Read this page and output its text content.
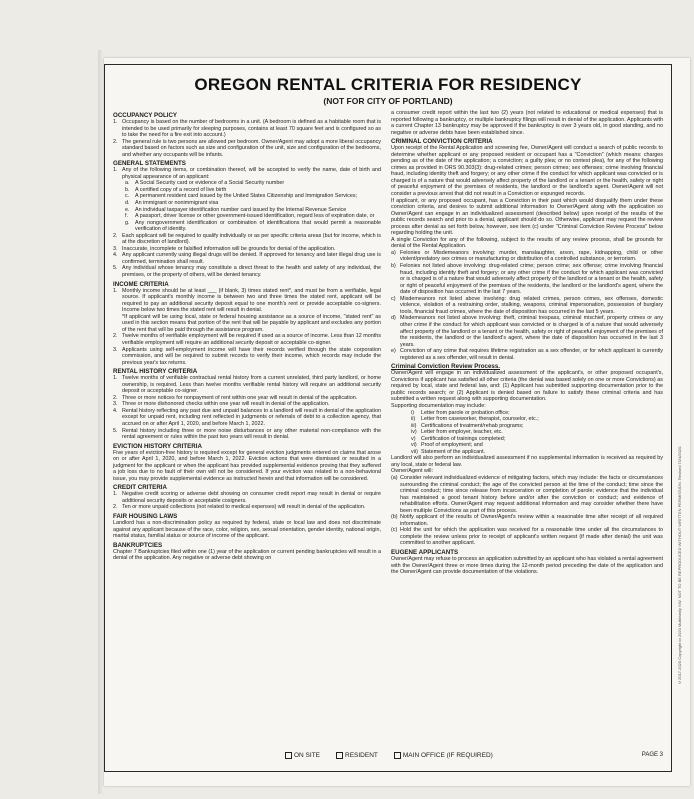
OREGON RENTAL CRITERIA FOR RESIDENCY
(NOT FOR CITY OF PORTLAND)
OCCUPANCY POLICY
1. Occupancy is based on the number of bedrooms in a unit. (A bedroom is defined as a habitable room that is intended to be used primarily for sleeping purposes, contains at least 70 square feet and is configured so as to take the need for a fire exit into account.)
2. The general rule is two persons are allowed per bedroom. Owner/Agent may adopt a more liberal occupancy standard based on factors such as size and configuration of the unit, size and configuration of the bedrooms, and whether any occupants will be infants.
GENERAL STATEMENTS
1. Any of the following items, or combination thereof, will be accepted to verify the name, date of birth and physical appearance of an applicant:
a.	A Social Security card or evidence of a Social Security number
b.	A certified copy of a record of live birth
c.	A permanent resident card issued by the United States Citizenship and Immigration Services;
d.	An immigrant or nonimmigrant visa
e.	An individual taxpayer identification number card issued by the Internal Revenue Service
f.	A passport, driver license or other government-issued identification, regard less of expiration date, or
g.	Any nongovernment identification or combination of identifications that would permit a reasonable verification of identity.
2. Each applicant will be required to qualify individually or as per specific criteria areas (but for income, which is at the discretion of landlord).
3. Inaccurate, incomplete or falsified information will be grounds for denial of the application.
4. Any applicant currently using illegal drugs will be denied. If approved for tenancy and later illegal drug use is confirmed, termination shall result.
5. Any individual whose tenancy may constitute a direct threat to the health and safety of any individual, the premises, or the property of others, will be denied tenancy.
INCOME CRITERIA
1. Monthly income should be at least ___ (if blank, 3) times stated rent*, and must be from a verifiable, legal source. If applicant's monthly income is between two and three times the stated rent, applicant will be required to pay an additional security deposit equal to one month's rent or provide acceptable co-signers. Income below two times the stated rent will result in denial.
*If applicant will be using local, state or federal housing assistance as a source of income, "stated rent" as used in this section means that portion of the rent that will be payable by applicant and excludes any portion of the rent that will be paid through the assistance program.
2. Twelve months of verifiable employment will be required if used as a source of income. Less than 12 months verifiable employment will require an additional security deposit or acceptable co-signer.
3. Applicants using self-employment income will have their records verified through the state corporation commission, and will be required to submit records to verify their income, which records may include the previous year's tax returns.
RENTAL HISTORY CRITERIA
1. Twelve months of verifiable contractual rental history from a current unrelated, third party landlord, or home ownership, is required. Less than twelve months verifiable rental history will require an additional security deposit or acceptable co-signer.
2. Three or more notices for nonpayment of rent within one year will result in denial of the application.
3. Three or more dishonored checks within one year will result in denial of the application.
4. Rental history reflecting any past due and unpaid balances to a landlord will result in denial of the application except for unpaid rent, including rent reflected in judgments or referrals of debt to a collection agency, that accrued on or after April 1, 2020, and before March 1, 2022.
5. Rental history including three or more noise disturbances or any other material non-compliance with the rental agreement or rules within the past two years will result in denial.
EVICTION HISTORY CRITERIA

Five years of eviction-free history is required except for general eviction judgments entered on claims that arose on or after April 1, 2020, and before March 1, 2022. Eviction actions that were dismissed or resulted in a judgment for the applicant or when the applicant has provided supplemental evidence proving that they suffered a job loss due to no fault of their own will not be considered. If your eviction was related to a non-behavioral issue, you may provide supplemental evidence as instructed herein and that information will be considered.

CREDIT CRITERIA
1. Negative credit scoring or adverse debt showing on consumer credit report may result in denial or require additional security deposits or acceptable cosigners.
2. Ten or more unpaid collections (not related to medical expenses) will result in denial of the application.
FAIR HOUSING LAWS

Landlord has a non-discrimination policy as required by federal, state or local law and does not discriminate against any applicant because of the race, color, religion, sex, sexual orientation, gender identity, national origin, marital status, familial status or source of income of the applicant.

BANKRUPTCIES

Chapter 7 Bankruptcies filed within one (1) year of the application or current pending bankruptcies will result in a denial of the application. Any negative or adverse debt showing on

a consumer credit report within the last two (2) years (not related to educational or medical expenses) that is reported following a bankruptcy, or multiple bankruptcy filings will result in denial of the application. Applicants with a current Chapter 13 bankruptcy may be approved if the bankruptcy is over 3 years old, in good standing, and no negative or adverse debts have been established since.

CRIMINAL CONVICTION CRITERIA

Upon receipt of the Rental Application and screening fee, Owner/Agent will conduct a search of public records to determine whether applicant or any proposed resident or occupant has a "Conviction" (which means: charges pending as of the date of the application; a conviction; a guilty plea; or no contest plea), for any of the following crimes as provided in ORS 90.303(3): drug-related crimes; person crimes; sex offenses; crime involving financial fraud, including identity theft and forgery; or any other crime if the conduct for which applicant was convicted or is charged is of a nature that would adversely affect property of the landlord or a tenant or the health, safety or right of peaceful enjoyment of the premises of residents, the landlord or the landlord's agent. Owner/Agent will not consider a previous arrest that did not result in a Conviction or expunged records.

If applicant, or any proposed occupant, has a Conviction in their past which would disqualify them under these conviction criteria, and desires to submit additional information to Owner/Agent along with the application so Owner/Agent can engage in an individualized assessment (described below) upon receipt of the results of the public records search and prior to a denial, applicant should do so. Otherwise, applicant may request the review process after denial as set forth below, however, see item (c) under "Criminal Conviction Review Process" below regarding holding the unit.

A single Conviction for any of the following, subject to the results of any review process, shall be grounds for denial of the Rental Application.

a) Felonies or Misdemeanors involving: murder, manslaughter, arson, rape, kidnapping, child or other violent/predatory sex crimes or manufacturing or distribution of a controlled substance, or terrorism.
b) Felonies not listed above involving: drug-related crime; person crime; sex offense; crime involving financial fraud, including identity theft and forgery; or any other crime if the conduct for which applicant was convicted or is charged is of a nature that would adversely affect property of the landlord or a tenant or the health, safety or right of peaceful enjoyment of the premises of the residents, the landlord or the landlord's agent, where the date of disposition has occurred in the last 7 years.
c) Misdemeanors not listed above involving: drug related crimes, person crimes, sex offenses, domestic violence, violation of a restraining order, stalking, weapons, criminal impersonation, possession of burglary tools, financial fraud crimes, where the date of disposition has occurred in the last 5 years.
d) Misdemeanors not listed above involving: theft, criminal trespass, criminal mischief, property crimes or any other crime if the conduct for which applicant was convicted or is charged is of a nature that would adversely affect property of the landlord or a tenant or the health, safety or right of peaceful enjoyment of the premises of the residents, the landlord or the landlord's agent, where the date of disposition has occurred in the last 3 years.
e) Conviction of any crime that requires lifetime registration as a sex offender, or for which applicant is currently registered as a sex offender, will result in denial.
Criminal Conviction Review Process.

Owner/Agent will engage in an individualized assessment of the applicant's, or other proposed occupant's, Convictions if applicant has satisfied all other criteria (the denial was based solely on one or more Convictions) as required by local, state and federal law, and: (1) Applicant has submitted supporting documentation prior to the public records search; or (2) Applicant is denied based on failure to satisfy these criminal criteria and has submitted a written request along with supporting documentation.

Supporting documentation may include:

i)	Letter from parole or probation office;
ii)	Letter from caseworker, therapist, counselor, etc.;
iii) Certifications of treatment/rehab programs;
iv) Letter from employer, teacher, etc.
v)	Certification of trainings completed;
vi) Proof of employment; and
vii) Statement of the applicant.

Landlord will also perform an individualized assessment if no supplemental information is received as required by any local, state or federal law.

Owner/Agent will:

(a) Consider relevant individualized evidence of mitigating factors, which may include: the facts or circumstances surrounding the criminal conduct; the age of the convicted person at the time of the conduct; time since the criminal conduct; time since release from incarceration or completion of parole; evidence that the individual has maintained a good tenant history before and/or after the conviction or conduct; and evidence of rehabilitation efforts. Owner/Agent may request additional information and may consider whether there have been multiple Convictions as part of this process.
(b) Notify applicant of the results of Owner/Agent's review within a reasonable time after receipt of all required information.
(c) Hold the unit for which the application was received for a reasonable time under all the circumstances to complete the review unless prior to receipt of applicant's written request (if made after denial) the unit was committed to another applicant.
EUGENE APPLICANTS

Owner/Agent may refuse to process an application submitted by an applicant who has violated a rental agreement with the Owner/Agent three or more times during the 12-month period preceding the date of the application and the Owner/Agent can provide documentation of the violations.	©2017-2020 Copyright to 2020 Multifamily NW. NOT TO BE REPRODUCED WITHOUT WRITTEN PERMISSION. Revised 7/24/2020.
ON SITE	RESIDENT	MAIN OFFICE (IF REQUIRED)	PAGE 3
